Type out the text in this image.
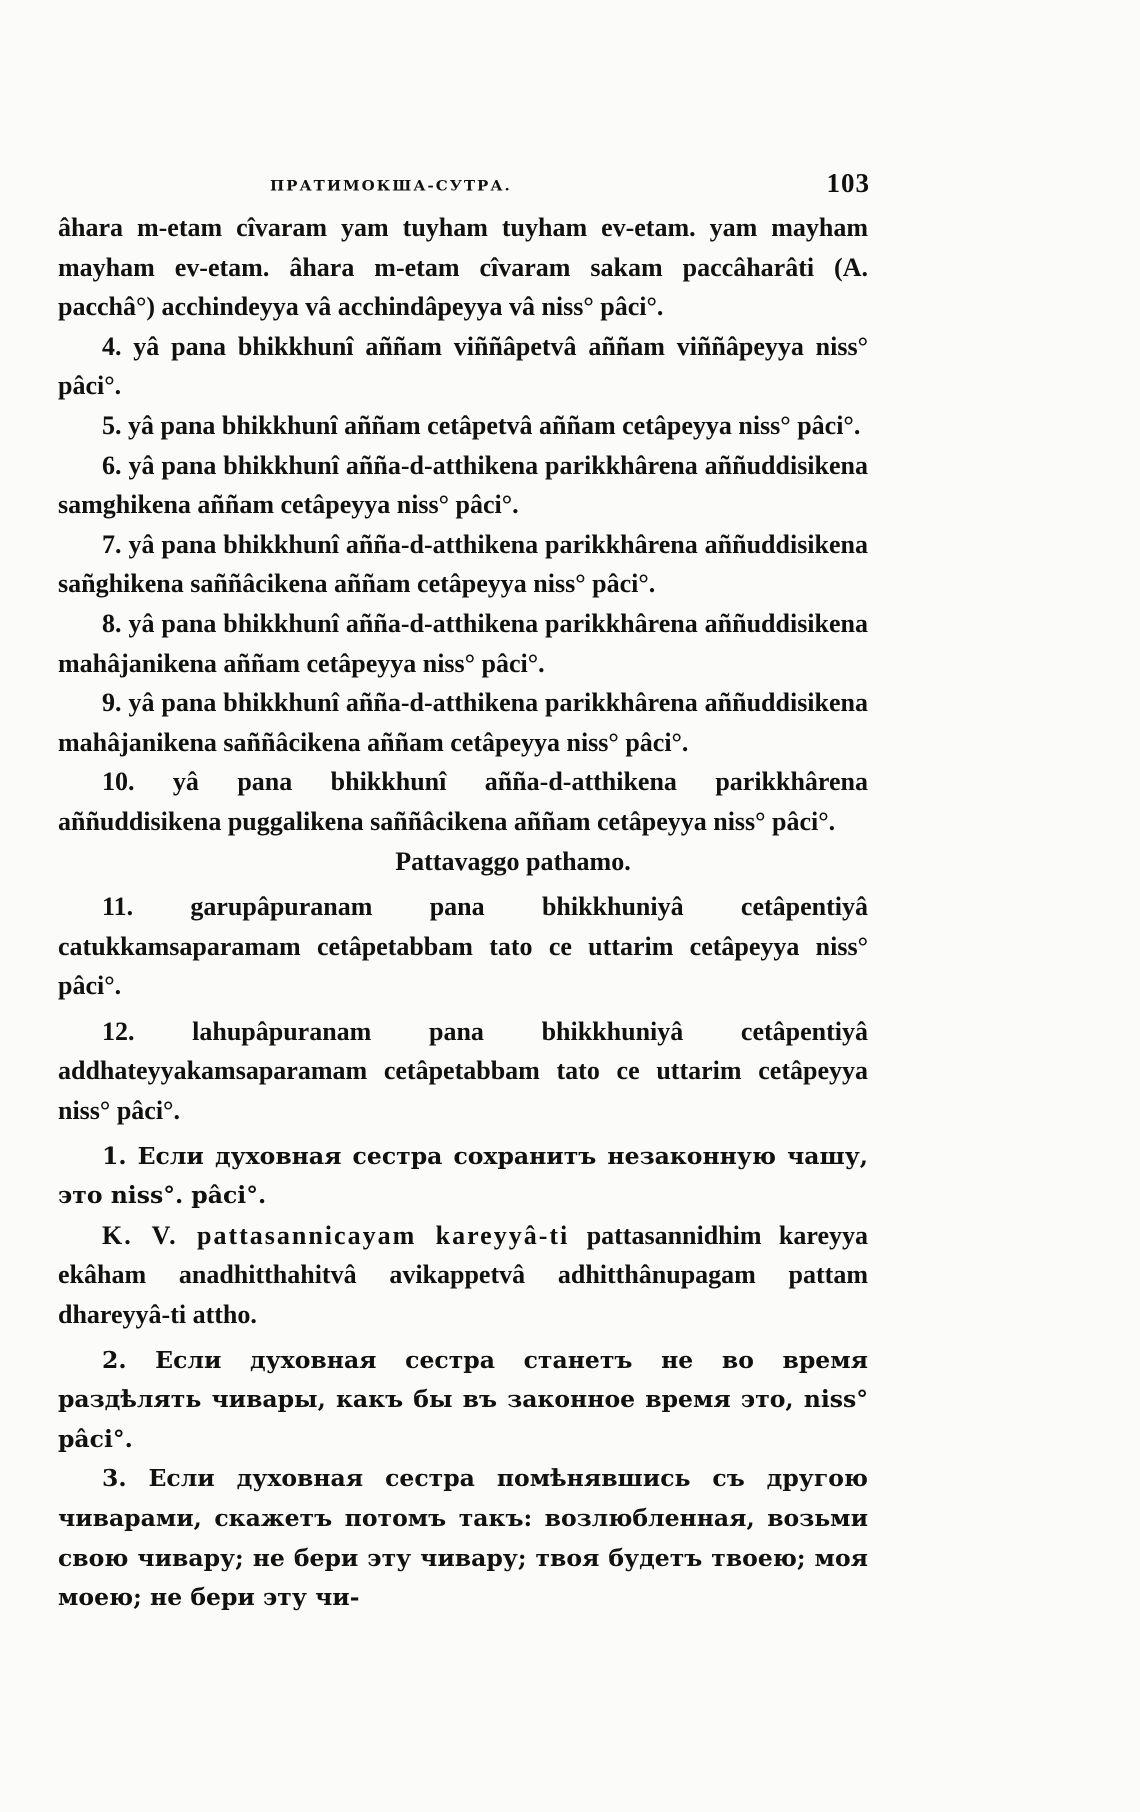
ПРАТИМОКША-СУТРА.	103

âhara m-etam cîvaram yam tuyham tuyham ev-etam. yam mayham mayham ev-etam. âhara m-etam cîvaram sakam paccâharâti (A. pacchâ°) acchindeyya vâ acchindâpeyya vâ niss° pâci°.

4. yâ pana bhikkhunî aññam viññâpetvâ aññam viññâpeyya niss° pâci°.

5. yâ pana bhikkhunî aññam cetâpetvâ aññam cetâpeyya niss° pâci°.

6. yâ pana bhikkhunî añña-d-atthikena parikkhârena aññuddisikena samghikena aññam cetâpeyya niss° pâci°.

7. yâ pana bhikkhunî añña-d-atthikena parikkhârena aññuddisikena sañghikena saññâcikena aññam cetâpeyya niss° pâci°.

8. yâ pana bhikkhunî añña-d-atthikena parikkhârena aññuddisikena mahâjanikena aññam cetâpeyya niss° pâci°.

9. yâ pana bhikkhunî añña-d-atthikena parikkhârena aññuddisikena mahâjanikena saññâcikena aññam cetâpeyya niss° pâci°.

10. yâ pana bhikkhunî añña-d-atthikena parikkhârena aññuddisikena puggalikena saññâcikena aññam cetâpeyya niss° pâci°.

Pattavaggo pathamo.

11. garupâpuranam pana bhikkhuniyâ cetâpentiyâ catukkamsaparamam cetâpetabbam tato ce uttarim cetâpeyya niss° pâci°.

12. lahupâpuranam pana bhikkhuniyâ cetâpentiyâ addhateyyakamsaparamam cetâpetabbam tato ce uttarim cetâpeyya niss° pâci°.

1. Если духовная сестра сохранитъ незаконную чашу, это niss°. pâci°.

K. V. pattasannicayam kareyyâ-ti pattasannidhim kareyya ekâham anadhitthahitvâ avikappetvâ adhitthânupagam pattam dhareyyâ-ti attho.

2. Если духовная сестра станетъ не во время раздѣлять чивары, какъ бы въ законное время это, niss° pâci°.

3. Если духовная сестра помѣнявшись съ другою чиварами, скажетъ потомъ такъ: возлюбленная, возьми свою чивару; не бери эту чивару; твоя будетъ твоею; моя моею; не бери эту чи-
